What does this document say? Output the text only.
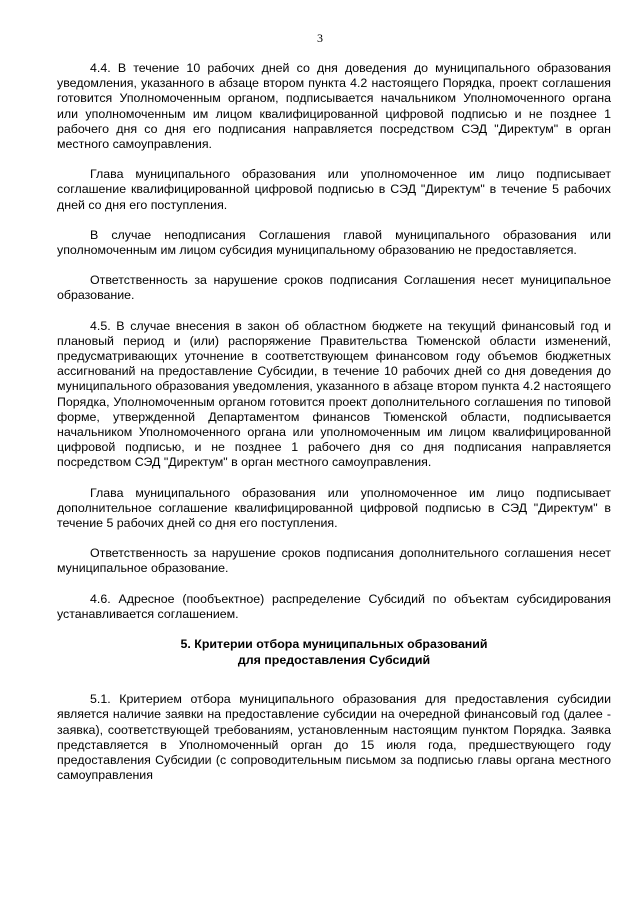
3

4.4. В течение 10 рабочих дней со дня доведения до муниципального образования уведомления, указанного в абзаце втором пункта 4.2 настоящего Порядка, проект соглашения готовится Уполномоченным органом, подписывается начальником Уполномоченного органа или уполномоченным им лицом квалифицированной цифровой подписью и не позднее 1 рабочего дня со дня его подписания направляется посредством СЭД "Директум" в орган местного самоуправления.

Глава муниципального образования или уполномоченное им лицо подписывает соглашение квалифицированной цифровой подписью в СЭД "Директум" в течение 5 рабочих дней со дня его поступления.

В случае неподписания Соглашения главой муниципального образования или уполномоченным им лицом субсидия муниципальному образованию не предоставляется.

Ответственность за нарушение сроков подписания Соглашения несет муниципальное образование.

4.5. В случае внесения в закон об областном бюджете на текущий финансовый год и плановый период и (или) распоряжение Правительства Тюменской области изменений, предусматривающих уточнение в соответствующем финансовом году объемов бюджетных ассигнований на предоставление Субсидии, в течение 10 рабочих дней со дня доведения до муниципального образования уведомления, указанного в абзаце втором пункта 4.2 настоящего Порядка, Уполномоченным органом готовится проект дополнительного соглашения по типовой форме, утвержденной Департаментом финансов Тюменской области, подписывается начальником Уполномоченного органа или уполномоченным им лицом квалифицированной цифровой подписью, и не позднее 1 рабочего дня со дня подписания направляется посредством СЭД "Директум" в орган местного самоуправления.

Глава муниципального образования или уполномоченное им лицо подписывает дополнительное соглашение квалифицированной цифровой подписью в СЭД "Директум" в течение 5 рабочих дней со дня его поступления.

Ответственность за нарушение сроков подписания дополнительного соглашения несет муниципальное образование.

4.6. Адресное (пообъектное) распределение Субсидий по объектам субсидирования устанавливается соглашением.

5. Критерии отбора муниципальных образований
для предоставления Субсидий

5.1. Критерием отбора муниципального образования для предоставления субсидии является наличие заявки на предоставление субсидии на очередной финансовый год (далее - заявка), соответствующей требованиям, установленным настоящим пунктом Порядка. Заявка представляется в Уполномоченный орган до 15 июля года, предшествующего году предоставления Субсидии (с сопроводительным письмом за подписью главы органа местного самоуправления
